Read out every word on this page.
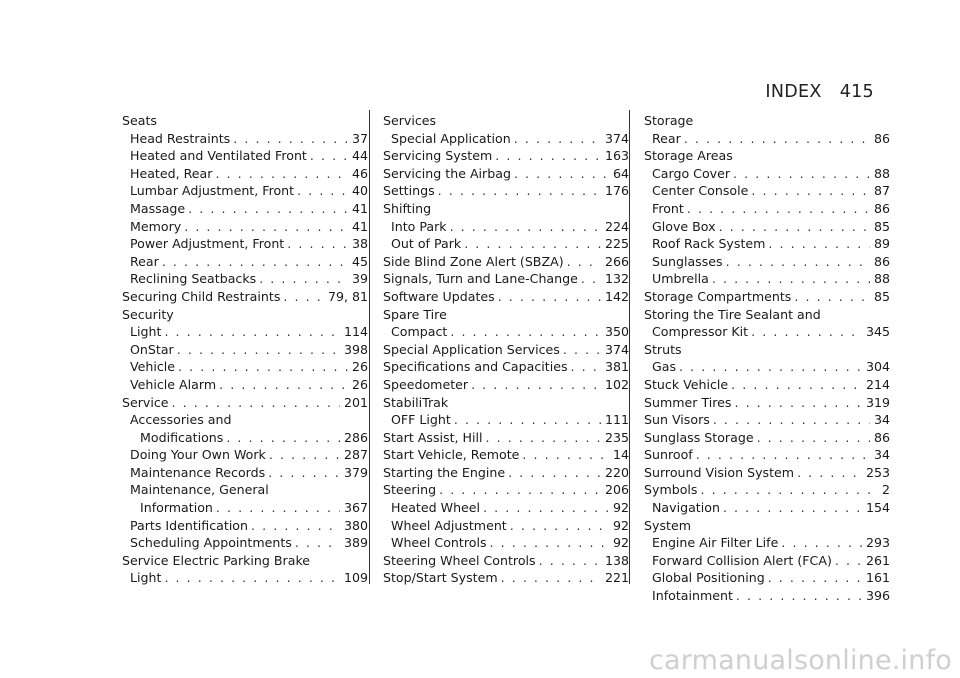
INDEX 415
Seats
Head Restraints . . .	37
Heated and Ventilated Front . . .	44
Heated, Rear . . .	46
Lumbar Adjustment, Front . . .	40
Massage . . .	41
Memory . . .	41
Power Adjustment, Front . . .	38
Rear . . .	45
Reclining Seatbacks . . .	39
Securing Child Restraints . . .	79, 81
Security
Light . . .	114
OnStar . . .	398
Vehicle . . .	26
Vehicle Alarm . . .	26
Service . . .	201
Accessories and
Modifications . . .	286
Doing Your Own Work . . .	287
Maintenance Records . . .	379
Maintenance, General
Information . . .	367
Parts Identification . . .	380
Scheduling Appointments . . .	389
Service Electric Parking Brake
Light . . .	109
Services
Special Application . . .	374
Servicing System . . .	163
Servicing the Airbag . . .	64
Settings . . .	176
Shifting
Into Park . . .	224
Out of Park . . .	225
Side Blind Zone Alert (SBZA) . . .	266
Signals, Turn and Lane-Change . . . 132
Software Updates . . .	142
Spare Tire
Compact . . .	350
Special Application Services . . .	374
Specifications and Capacities . . .	381
Speedometer . . .	102
StabiliTrak
OFF Light . . .	111
Start Assist, Hill . . .	235
Start Vehicle, Remote . . .	14
Starting the Engine . . .	220
Steering . . .	206
Heated Wheel . . .	92
Wheel Adjustment . . .	92
Wheel Controls . . .	92
Steering Wheel Controls . . .	138
Stop/Start System . . .	221
Storage
Rear . . .	86
Storage Areas
Cargo Cover . . .	88
Center Console . . .	87
Front . . .	86
Glove Box . . .	85
Roof Rack System . . .	89
Sunglasses . . .	86
Umbrella . . .	88
Storage Compartments . . .	85
Storing the Tire Sealant and
Compressor Kit . . .	345
Struts
Gas . . .	304
Stuck Vehicle . . .	214
Summer Tires . . .	319
Sun Visors . . .	34
Sunglass Storage . . .	86
Sunroof . . .	34
Surround Vision System . . .	253
Symbols . . .	2
Navigation . . .	154
System
Engine Air Filter Life . . .	293
Forward Collision Alert (FCA) . . .	261
Global Positioning . . .	161
Infotainment . . .	396
carmanualsonline.info
